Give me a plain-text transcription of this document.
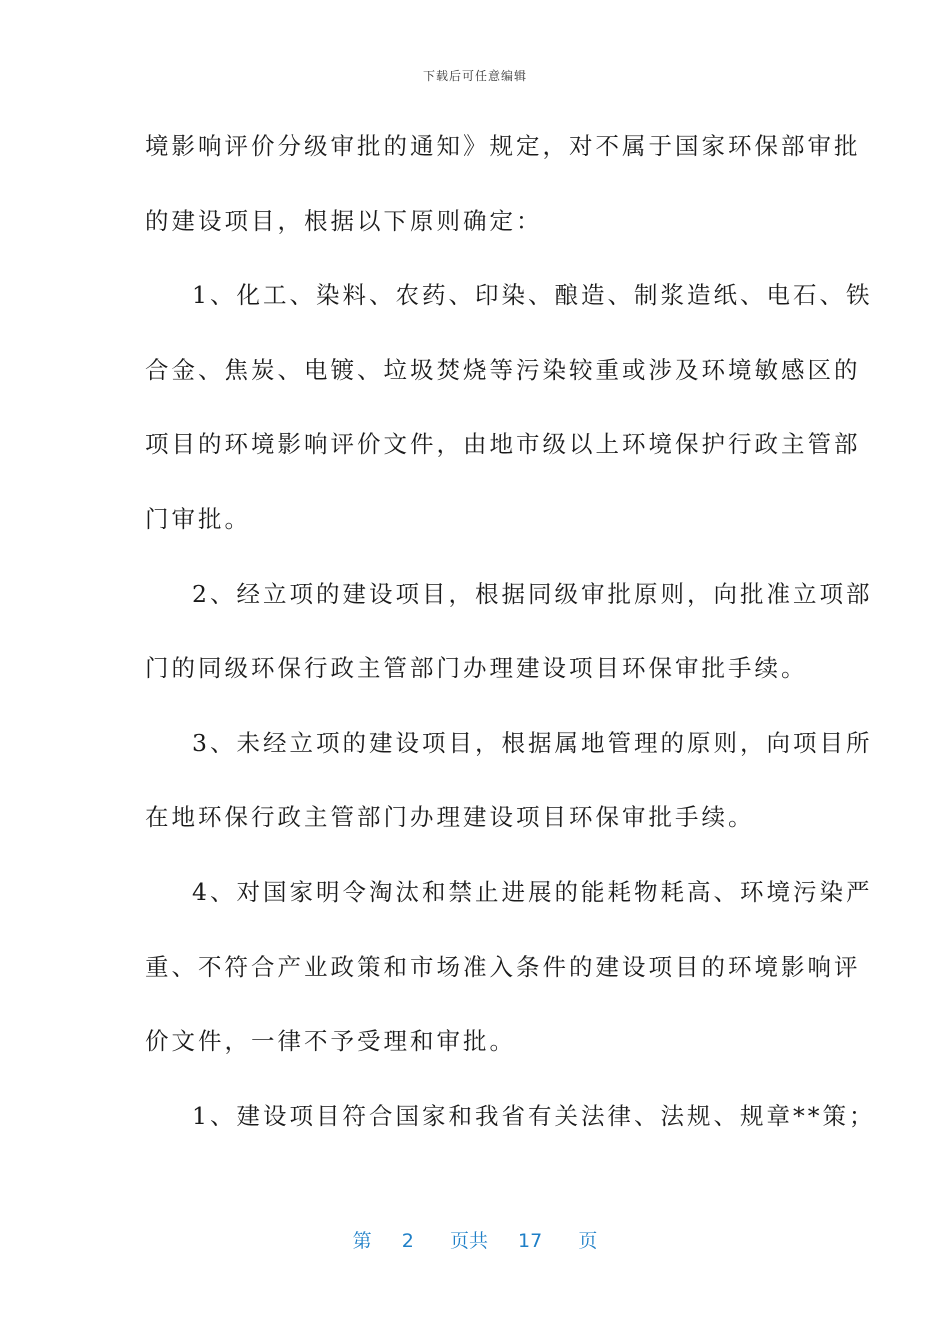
下载后可任意编辑
境影响评价分级审批的通知》规定，对不属于国家环保部审批
的建设项目，根据以下原则确定：
1、化工、染料、农药、印染、酿造、制浆造纸、电石、铁
合金、焦炭、电镀、垃圾焚烧等污染较重或涉及环境敏感区的
项目的环境影响评价文件，由地市级以上环境保护行政主管部
门审批。
2、经立项的建设项目，根据同级审批原则，向批准立项部
门的同级环保行政主管部门办理建设项目环保审批手续。
3、未经立项的建设项目，根据属地管理的原则，向项目所
在地环保行政主管部门办理建设项目环保审批手续。
4、对国家明令淘汰和禁止进展的能耗物耗高、环境污染严
重、不符合产业政策和市场准入条件的建设项目的环境影响评
价文件，一律不予受理和审批。
1、建设项目符合国家和我省有关法律、法规、规章**策；
第 2 页共 17 页
